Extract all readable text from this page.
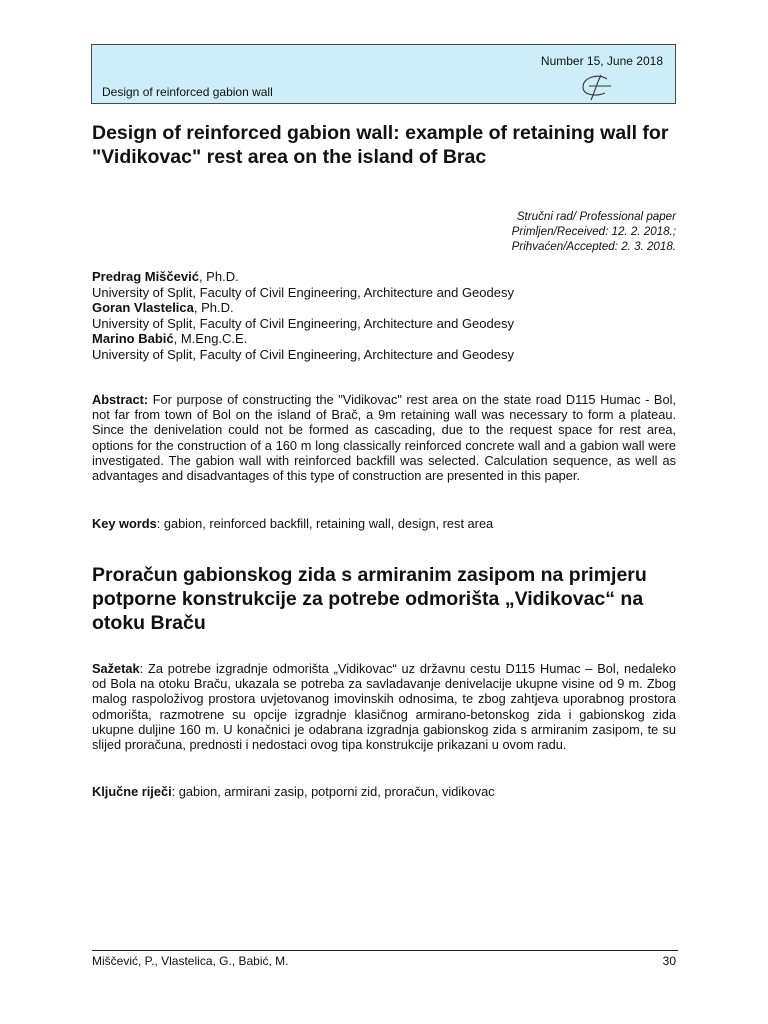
Number 15, June 2018
Design of reinforced gabion wall
Design of reinforced gabion wall: example of retaining wall for "Vidikovac" rest area on the island of Brac
Stručni rad/ Professional paper
Primljen/Received: 12. 2. 2018.;
Prihvaćen/Accepted: 2. 3. 2018.
Predrag Miščević, Ph.D.
University of Split, Faculty of Civil Engineering, Architecture and Geodesy
Goran Vlastelica, Ph.D.
University of Split, Faculty of Civil Engineering, Architecture and Geodesy
Marino Babić, M.Eng.C.E.
University of Split, Faculty of Civil Engineering, Architecture and Geodesy
Abstract: For purpose of constructing the "Vidikovac" rest area on the state road D115 Humac - Bol, not far from town of Bol on the island of Brač, a 9m retaining wall was necessary to form a plateau. Since the denivelation could not be formed as cascading, due to the request space for rest area, options for the construction of a 160 m long classically reinforced concrete wall and a gabion wall were investigated. The gabion wall with reinforced backfill was selected. Calculation sequence, as well as advantages and disadvantages of this type of construction are presented in this paper.
Key words: gabion, reinforced backfill, retaining wall, design, rest area
Proračun gabionskog zida s armiranim zasipom na primjeru potporne konstrukcije za potrebe odmorišta „Vidikovac“ na otoku Braču
Sažetak: Za potrebe izgradnje odmorišta „Vidikovac“ uz državnu cestu D115 Humac – Bol, nedaleko od Bola na otoku Braču, ukazala se potreba za savladavanje denivelacije ukupne visine od 9 m. Zbog malog raspoloživog prostora uvjetovanog imovinskih odnosima, te zbog zahtjeva uporabnog prostora odmorišta, razmotrene su opcije izgradnje klasičnog armirano-betonskog zida i gabionskog zida ukupne duljine 160 m. U konačnici je odabrana izgradnja gabionskog zida s armiranim zasipom, te su slijed proračuna, prednosti i nedostaci ovog tipa konstrukcije prikazani u ovom radu.
Ključne riječi: gabion, armirani zasip, potporni zid, proračun, vidikovac
Miščević, P., Vlastelica, G., Babić, M.	30
